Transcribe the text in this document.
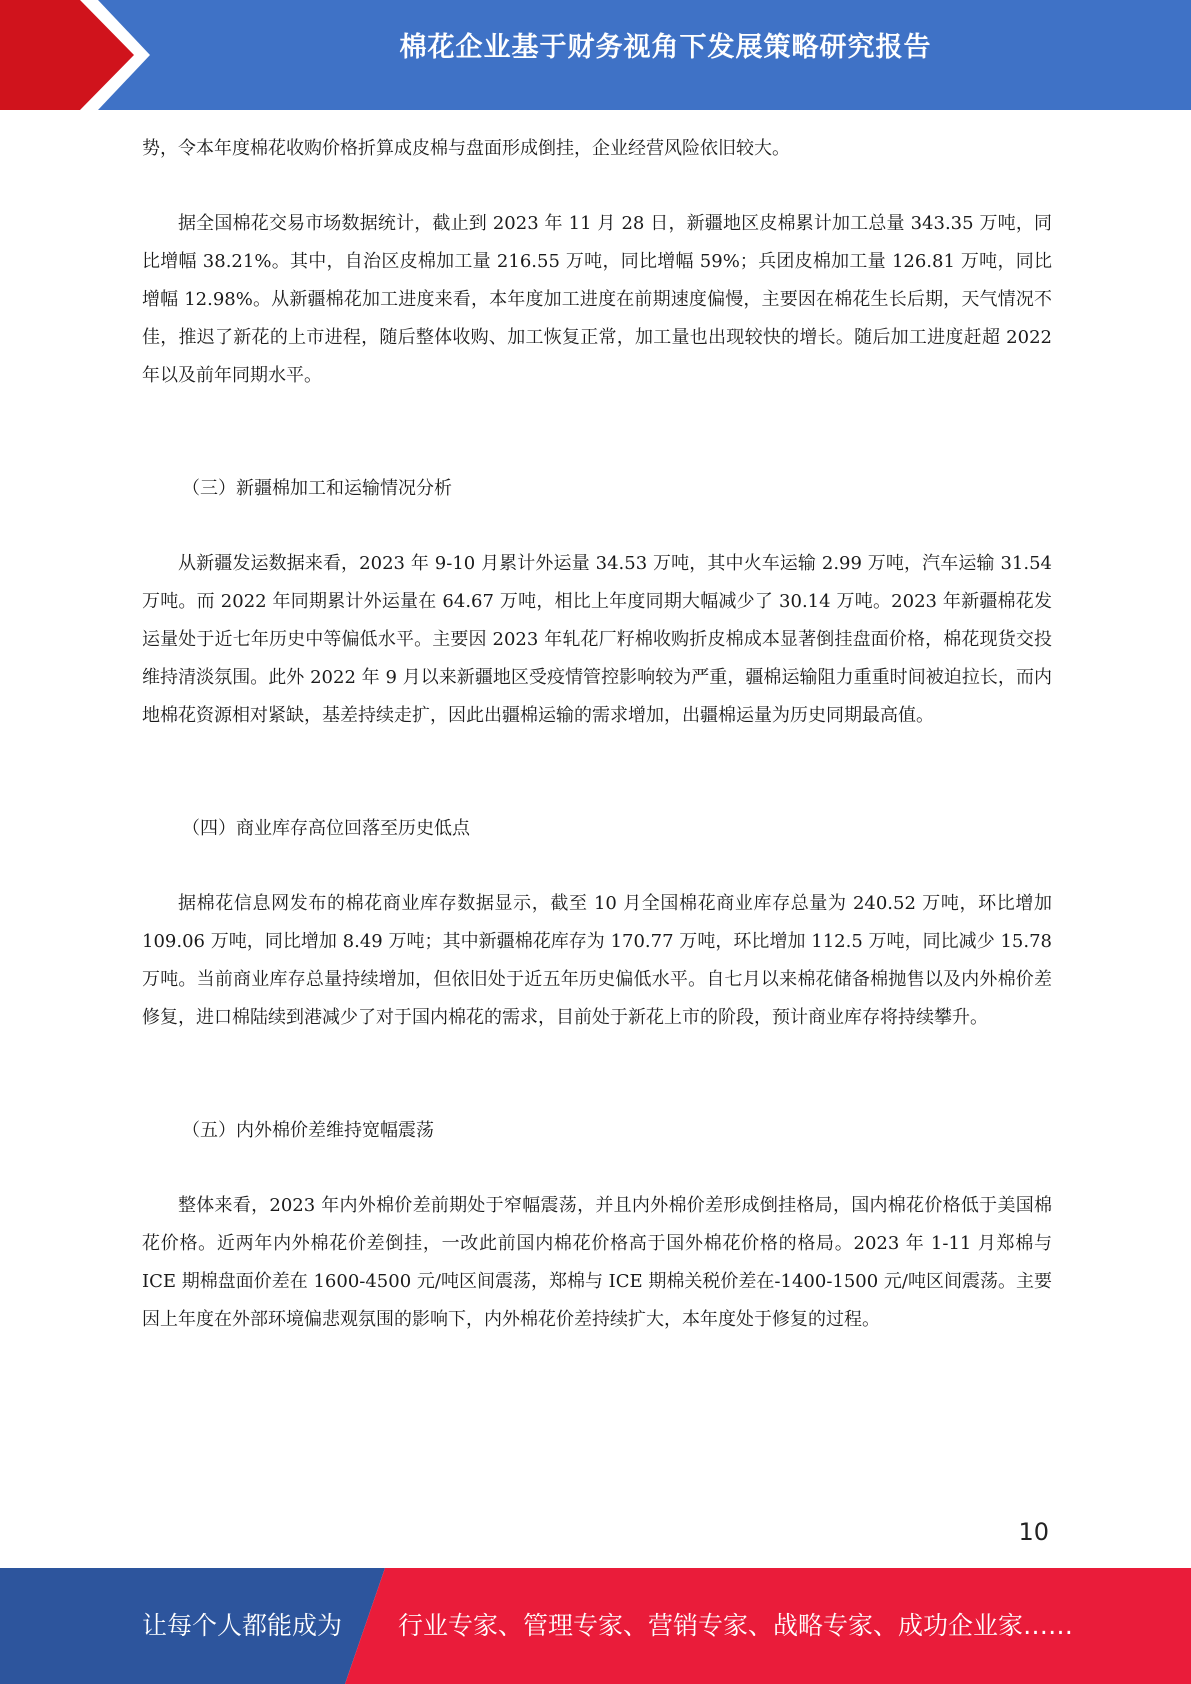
棉花企业基于财务视角下发展策略研究报告

势，令本年度棉花收购价格折算成皮棉与盘面形成倒挂，企业经营风险依旧较大。

据全国棉花交易市场数据统计，截止到 2023 年 11 月 28 日，新疆地区皮棉累计加工总量 343.35 万吨，同比增幅 38.21%。其中，自治区皮棉加工量 216.55 万吨，同比增幅 59%；兵团皮棉加工量 126.81 万吨，同比增幅 12.98%。从新疆棉花加工进度来看，本年度加工进度在前期速度偏慢，主要因在棉花生长后期，天气情况不佳，推迟了新花的上市进程，随后整体收购、加工恢复正常，加工量也出现较快的增长。随后加工进度赶超 2022 年以及前年同期水平。

（三）新疆棉加工和运输情况分析

从新疆发运数据来看，2023 年 9-10 月累计外运量 34.53 万吨，其中火车运输 2.99 万吨，汽车运输 31.54 万吨。而 2022 年同期累计外运量在 64.67 万吨，相比上年度同期大幅减少了 30.14 万吨。2023 年新疆棉花发运量处于近七年历史中等偏低水平。主要因 2023 年轧花厂籽棉收购折皮棉成本显著倒挂盘面价格，棉花现货交投维持清淡氛围。此外 2022 年 9 月以来新疆地区受疫情管控影响较为严重，疆棉运输阻力重重时间被迫拉长，而内地棉花资源相对紧缺，基差持续走扩，因此出疆棉运输的需求增加，出疆棉运量为历史同期最高值。

（四）商业库存高位回落至历史低点

据棉花信息网发布的棉花商业库存数据显示，截至 10 月全国棉花商业库存总量为 240.52 万吨，环比增加 109.06 万吨，同比增加 8.49 万吨；其中新疆棉花库存为 170.77 万吨，环比增加 112.5 万吨，同比减少 15.78 万吨。当前商业库存总量持续增加，但依旧处于近五年历史偏低水平。自七月以来棉花储备棉抛售以及内外棉价差修复，进口棉陆续到港减少了对于国内棉花的需求，目前处于新花上市的阶段，预计商业库存将持续攀升。

（五）内外棉价差维持宽幅震荡

整体来看，2023 年内外棉价差前期处于窄幅震荡，并且内外棉价差形成倒挂格局，国内棉花价格低于美国棉花价格。近两年内外棉花价差倒挂，一改此前国内棉花价格高于国外棉花价格的格局。2023 年 1-11 月郑棉与 ICE 期棉盘面价差在 1600-4500 元/吨区间震荡，郑棉与 ICE 期棉关税价差在-1400-1500 元/吨区间震荡。主要因上年度在外部环境偏悲观氛围的影响下，内外棉花价差持续扩大，本年度处于修复的过程。

10
让每个人都能成为 行业专家、管理专家、营销专家、战略专家、成功企业家……
